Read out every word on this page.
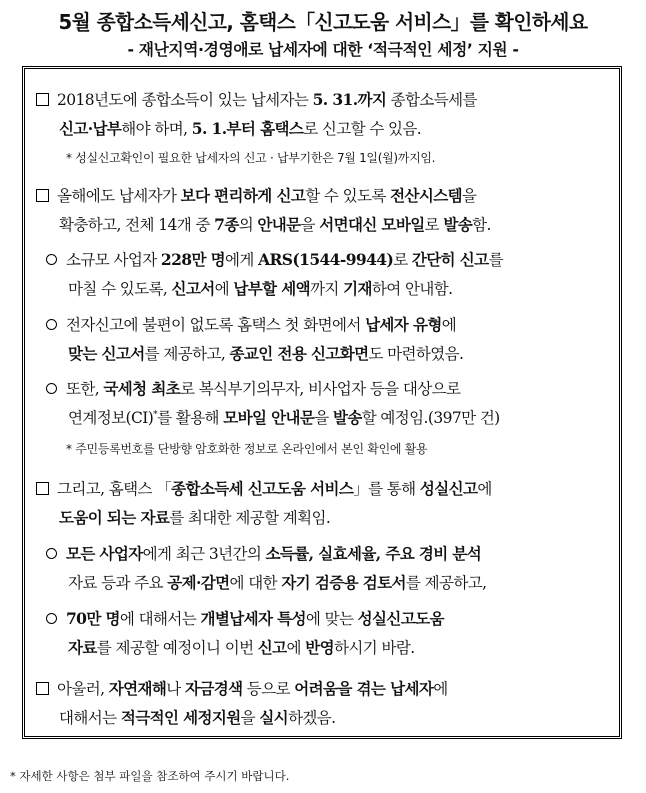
5월 종합소득세신고, 홈택스「신고도움 서비스」를 확인하세요
- 재난지역·경영애로 납세자에 대한 ‘적극적인 세정’ 지원 -
2018년도에 종합소득이 있는 납세자는 5. 31.까지 종합소득세를
신고·납부해야 하며, 5. 1.부터 홈택스로 신고할 수 있음.
* 성실신고확인이 필요한 납세자의 신고 · 납부기한은 7월 1일(월)까지임.
올해에도 납세자가 보다 편리하게 신고할 수 있도록 전산시스템을
확충하고, 전체 14개 중 7종의 안내문을 서면대신 모바일로 발송함.
소규모 사업자 228만 명에게 ARS(1544-9944)로 간단히 신고를
마칠 수 있도록, 신고서에 납부할 세액까지 기재하여 안내함.
전자신고에 불편이 없도록 홈택스 첫 화면에서 납세자 유형에
맞는 신고서를 제공하고, 종교인 전용 신고화면도 마련하였음.
또한, 국세청 최초로 복식부기의무자, 비사업자 등을 대상으로
연계정보(CI)*를 활용해 모바일 안내문을 발송할 예정임.(397만 건)
* 주민등록번호를 단방향 암호화한 정보로 온라인에서 본인 확인에 활용
그리고, 홈택스 「종합소득세 신고도움 서비스」를 통해 성실신고에
도움이 되는 자료를 최대한 제공할 계획임.
모든 사업자에게 최근 3년간의 소득률, 실효세율, 주요 경비 분석
자료 등과 주요 공제·감면에 대한 자기 검증용 검토서를 제공하고,
70만 명에 대해서는 개별납세자 특성에 맞는 성실신고도움
자료를 제공할 예정이니 이번 신고에 반영하시기 바람.
아울러, 자연재해나 자금경색 등으로 어려움을 겪는 납세자에
대해서는 적극적인 세정지원을 실시하겠음.
* 자세한 사항은 첨부 파일을 참조하여 주시기 바랍니다.
